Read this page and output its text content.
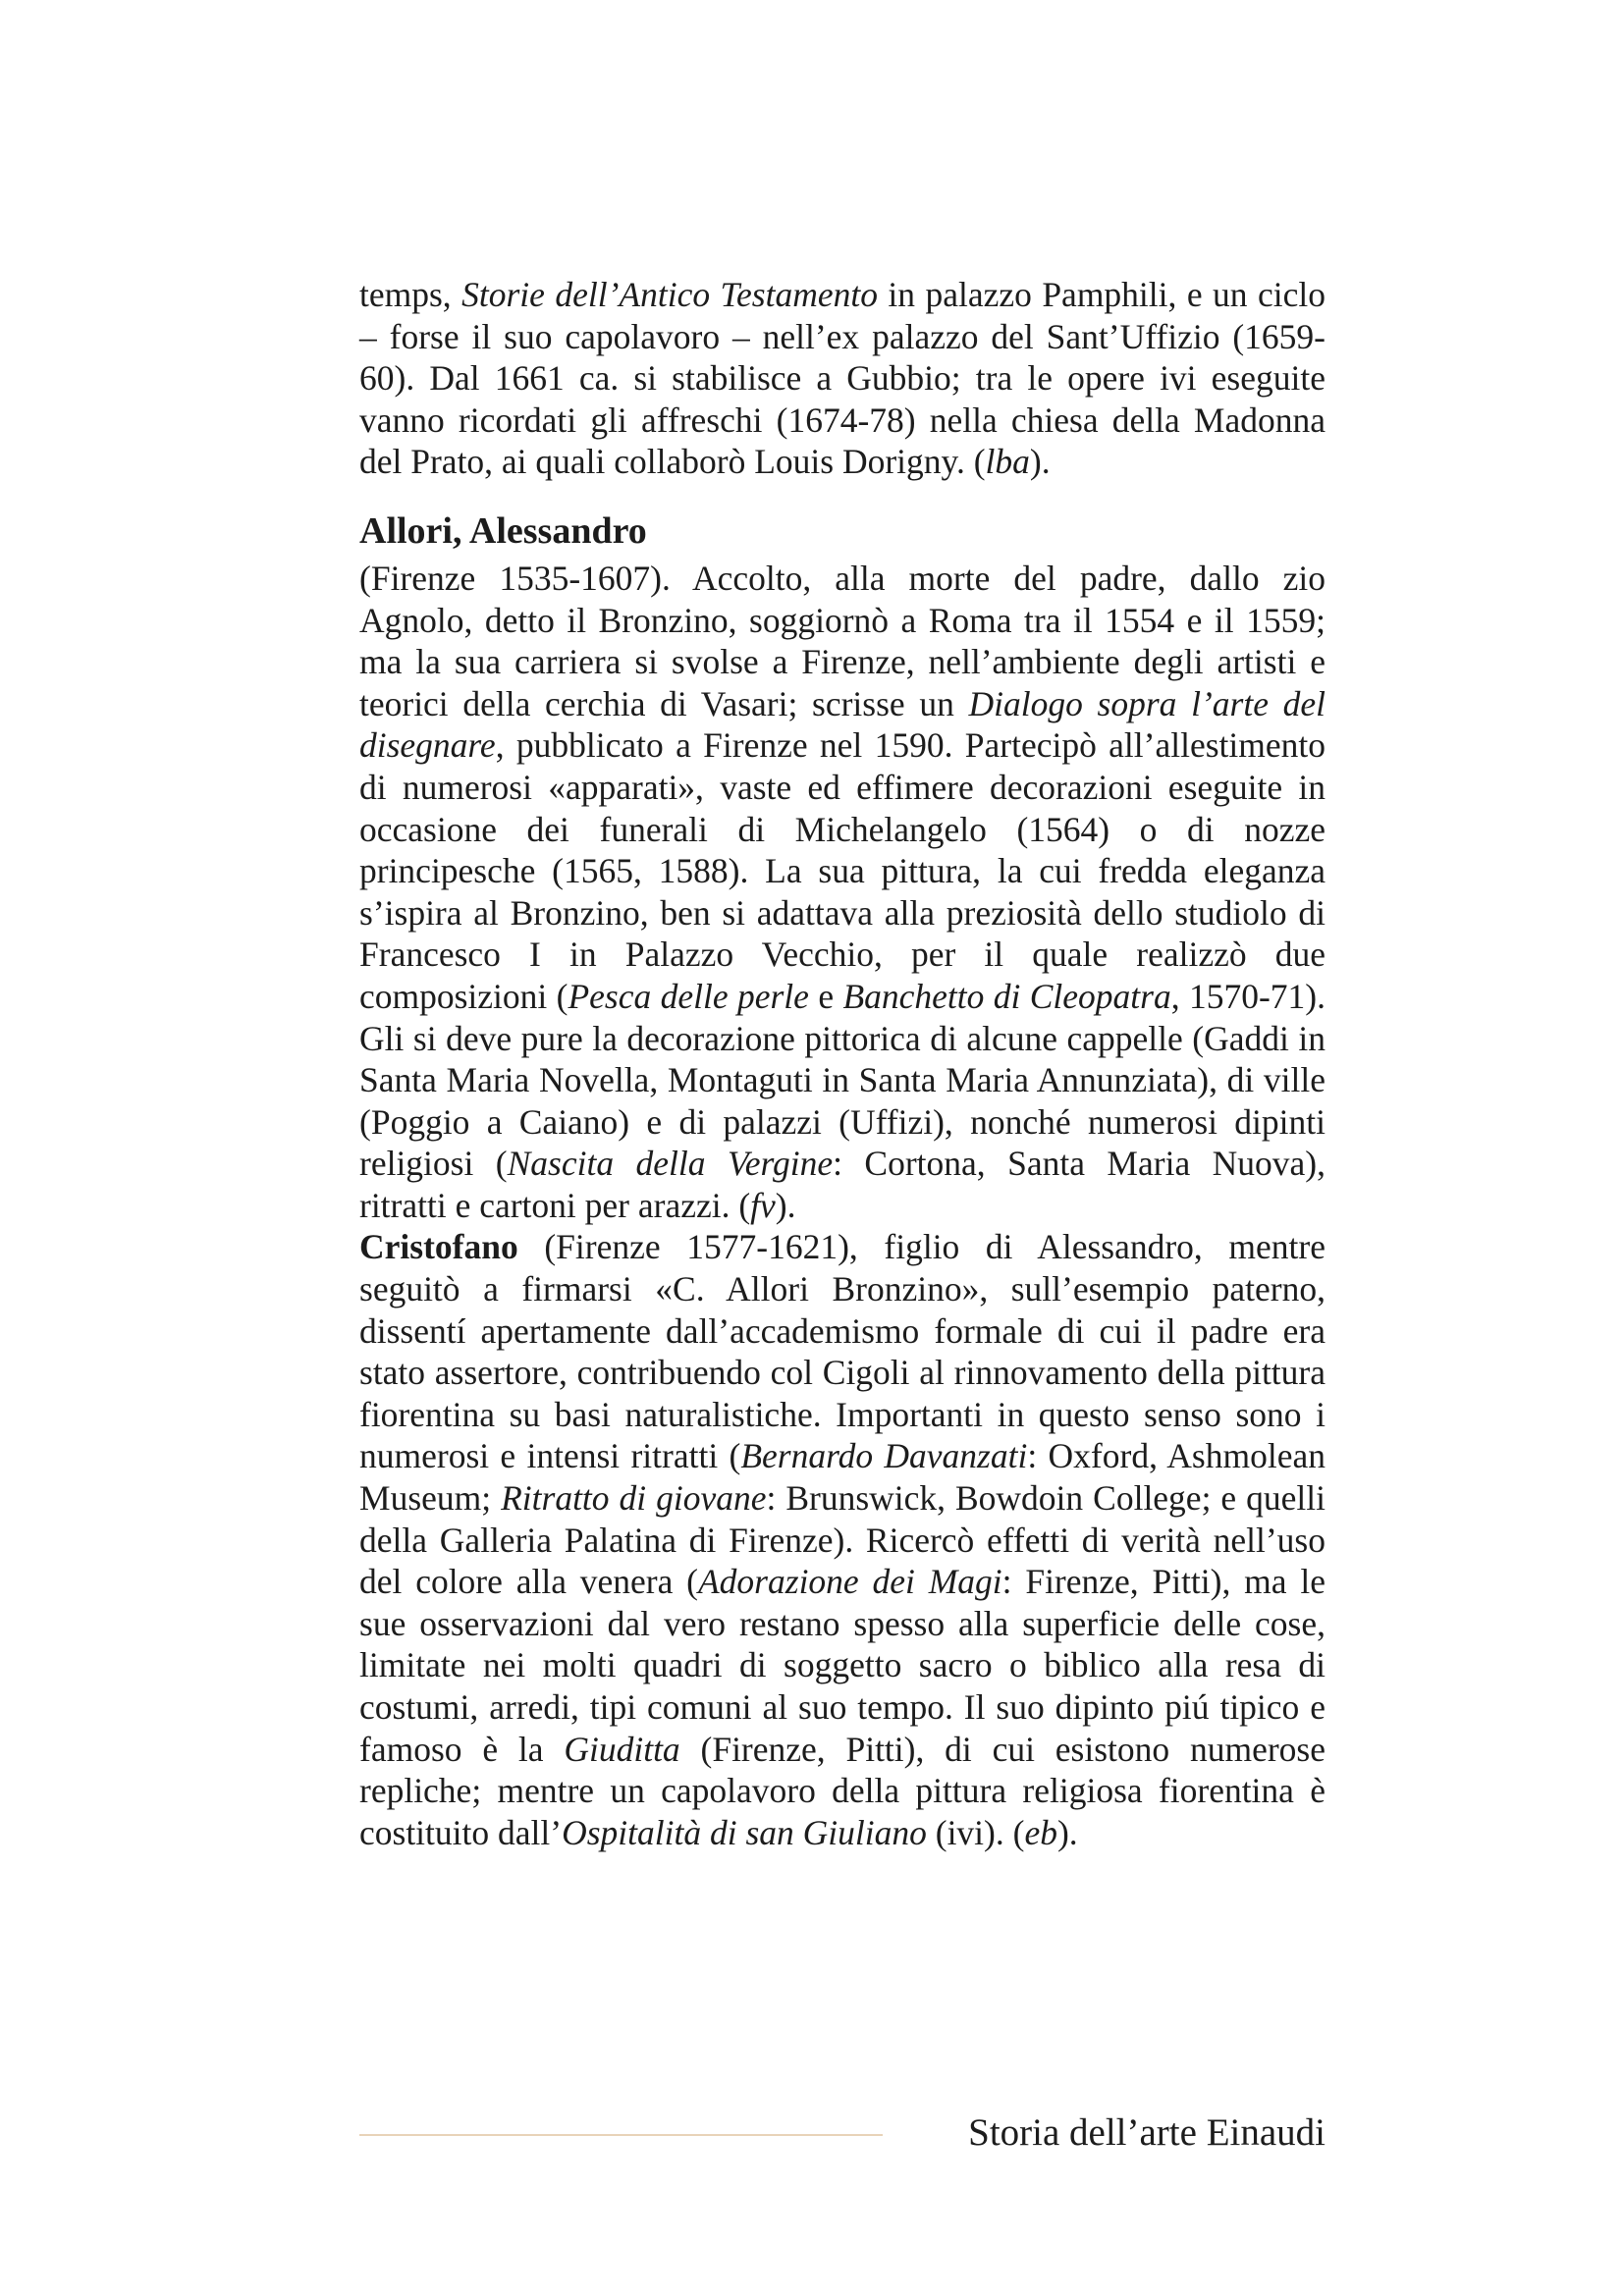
temps, Storie dell’Antico Testamento in palazzo Pamphili, e un ciclo – forse il suo capolavoro – nell’ex palazzo del Sant’Uffizio (1659-60). Dal 1661 ca. si stabilisce a Gubbio; tra le opere ivi eseguite vanno ricordati gli affreschi (1674-78) nella chiesa della Madonna del Prato, ai quali collaborò Louis Dorigny. (lba).

Allori, Alessandro

(Firenze 1535-1607). Accolto, alla morte del padre, dallo zio Agnolo, detto il Bronzino, soggiornò a Roma tra il 1554 e il 1559; ma la sua carriera si svolse a Firenze, nell’ambiente degli artisti e teorici della cerchia di Vasari; scrisse un Dialogo sopra l’arte del disegnare, pubblicato a Firenze nel 1590. Partecipò all’allestimento di numerosi «apparati», vaste ed effimere decorazioni eseguite in occasione dei funerali di Michelangelo (1564) o di nozze principesche (1565, 1588). La sua pittura, la cui fredda eleganza s’ispira al Bronzino, ben si adattava alla preziosità dello studiolo di Francesco I in Palazzo Vecchio, per il quale realizzò due composizioni (Pesca delle perle e Banchetto di Cleopatra, 1570-71). Gli si deve pure la decorazione pittorica di alcune cappelle (Gaddi in Santa Maria Novella, Montaguti in Santa Maria Annunziata), di ville (Poggio a Caiano) e di palazzi (Uffizi), nonché numerosi dipinti religiosi (Nascita della Vergine: Cortona, Santa Maria Nuova), ritratti e cartoni per arazzi. (fv).

Cristofano (Firenze 1577-1621), figlio di Alessandro, mentre seguitò a firmarsi «C. Allori Bronzino», sull’esempio paterno, dissentí apertamente dall’accademismo formale di cui il padre era stato assertore, contribuendo col Cigoli al rinnovamento della pittura fiorentina su basi naturalistiche. Importanti in questo senso sono i numerosi e intensi ritratti (Bernardo Davanzati: Oxford, Ashmolean Museum; Ritratto di giovane: Brunswick, Bowdoin College; e quelli della Galleria Palatina di Firenze). Ricercò effetti di verità nell’uso del colore alla venera (Adorazione dei Magi: Firenze, Pitti), ma le sue osservazioni dal vero restano spesso alla superficie delle cose, limitate nei molti quadri di soggetto sacro o biblico alla resa di costumi, arredi, tipi comuni al suo tempo. Il suo dipinto piú tipico e famoso è la Giuditta (Firenze, Pitti), di cui esistono numerose repliche; mentre un capolavoro della pittura religiosa fiorentina è costituito dall’Ospitalità di san Giuliano (ivi). (eb).

Storia dell’arte Einaudi
